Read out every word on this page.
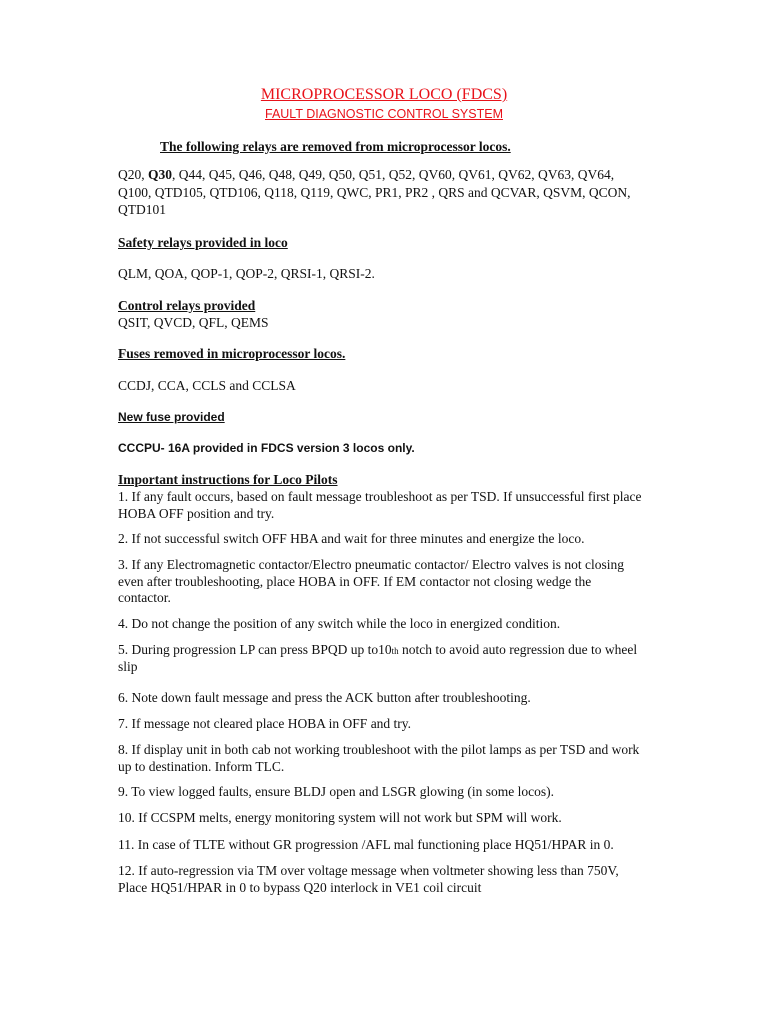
MICROPROCESSOR LOCO (FDCS)
FAULT DIAGNOSTIC CONTROL SYSTEM
The following relays are removed from microprocessor locos.
Q20, Q30, Q44, Q45, Q46, Q48, Q49, Q50, Q51, Q52, QV60, QV61, QV62, QV63, QV64,
Q100, QTD105, QTD106, Q118, Q119, QWC, PR1, PR2 , QRS and QCVAR, QSVM, QCON,
QTD101
Safety relays provided in loco
QLM, QOA, QOP-1, QOP-2, QRSI-1, QRSI-2.
Control relays provided
QSIT, QVCD, QFL, QEMS
Fuses removed in microprocessor locos.
CCDJ, CCA, CCLS and CCLSA
New fuse provided
CCCPU- 16A provided in FDCS version 3 locos only.
Important instructions for Loco Pilots
1. If any fault occurs, based on fault message troubleshoot as per TSD. If unsuccessful first place
HOBA OFF position and try.
2. If not successful switch OFF HBA and wait for three minutes and energize the loco.
3. If any Electromagnetic contactor/Electro pneumatic contactor/ Electro valves is not closing
even after troubleshooting, place HOBA in OFF. If EM contactor not closing wedge the
contactor.
4. Do not change the position of any switch while the loco in energized condition.
5. During progression LP can press BPQD up to10th notch to avoid auto regression due to wheel
slip
6. Note down fault message and press the ACK button after troubleshooting.
7. If message not cleared place HOBA in OFF and try.
8. If display unit in both cab not working troubleshoot with the pilot lamps as per TSD and work
up to destination. Inform TLC.
9. To view logged faults, ensure BLDJ open and LSGR glowing (in some locos).
10. If CCSPM melts, energy monitoring system will not work but SPM will work.
11. In case of TLTE without GR progression /AFL mal functioning place HQ51/HPAR in 0.
12. If auto-regression via TM over voltage message when voltmeter showing less than 750V,
Place HQ51/HPAR in 0 to bypass Q20 interlock in VE1 coil circuit
